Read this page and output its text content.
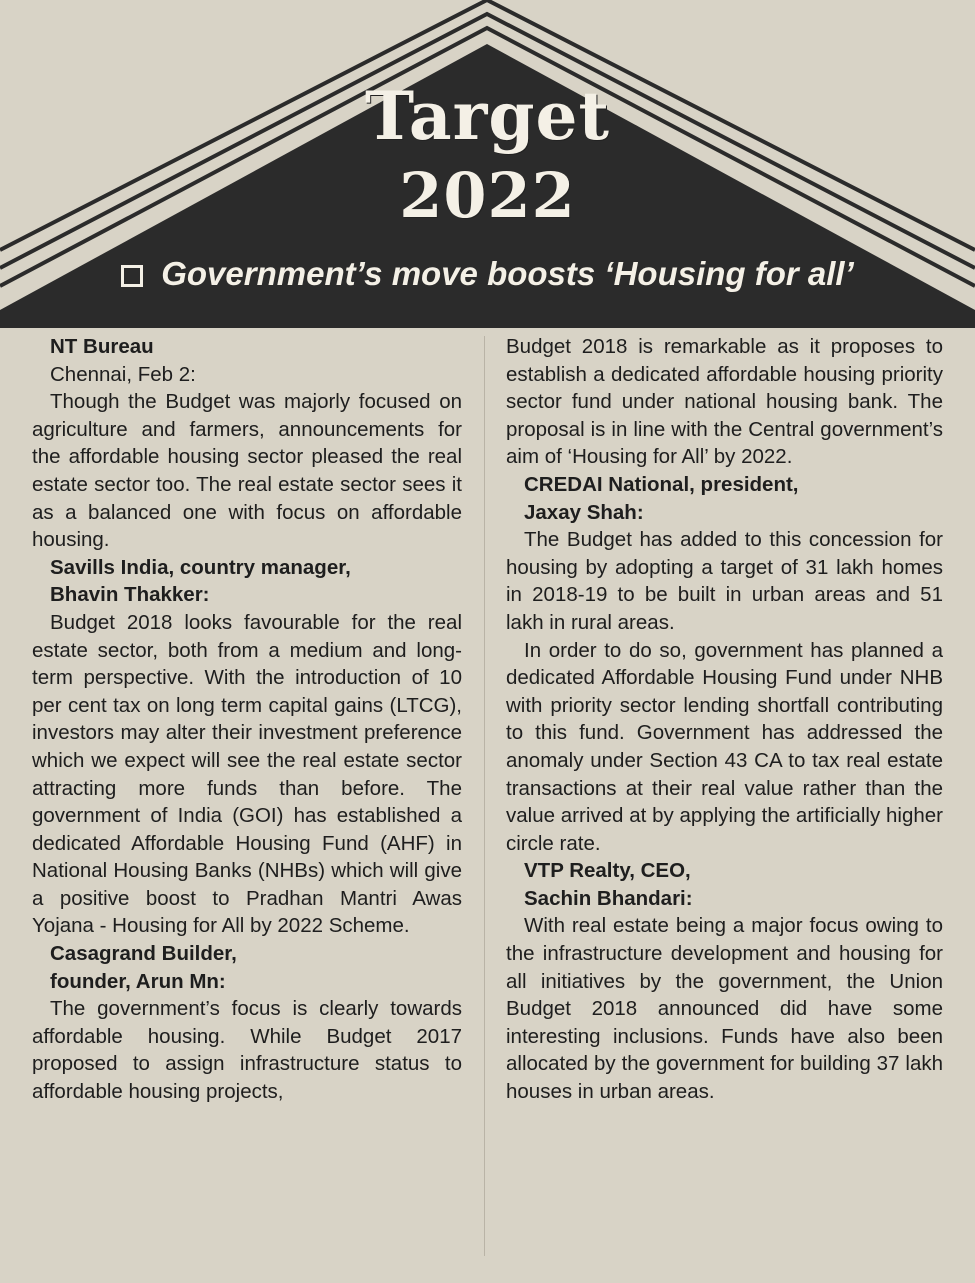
Target
2022
Government’s move boosts ‘Housing for all’

NT Bureau

Chennai, Feb 2:

Though the Budget was majorly focused on agriculture and farmers, announcements for the affordable housing sector pleased the real estate sector too. The real estate sector sees it as a balanced one with focus on affordable housing.

Savills India, country manager,

Bhavin Thakker:

Budget 2018 looks favourable for the real estate sector, both from a medium and long-term perspective. With the introduction of 10 per cent tax on long term capital gains (LTCG), investors may alter their investment preference which we expect will see the real estate sector attracting more funds than before. The government of India (GOI) has established a dedicated Affordable Housing Fund (AHF) in National Housing Banks (NHBs) which will give a positive boost to Pradhan Mantri Awas Yojana - Housing for All by 2022 Scheme.

Casagrand Builder,

founder, Arun Mn:

The government’s focus is clearly towards affordable housing. While Budget 2017 proposed to assign infrastructure status to affordable housing projects,

Budget 2018 is remarkable as it proposes to establish a dedicated affordable housing priority sector fund under national housing bank. The proposal is in line with the Central government’s aim of ‘Housing for All’ by 2022.

CREDAI National, president,

Jaxay Shah:

The Budget has added to this concession for housing by adopting a target of 31 lakh homes in 2018-19 to be built in urban areas and 51 lakh in rural areas.

In order to do so, government has planned a dedicated Affordable Housing Fund under NHB with priority sector lending shortfall contributing to this fund. Government has addressed the anomaly under Section 43 CA to tax real estate transactions at their real value rather than the value arrived at by applying the artificially higher circle rate.

VTP Realty, CEO,

Sachin Bhandari:

With real estate being a major focus owing to the infrastructure development and housing for all initiatives by the government, the Union Budget 2018 announced did have some interesting inclusions. Funds have also been allocated by the government for building 37 lakh houses in urban areas.
